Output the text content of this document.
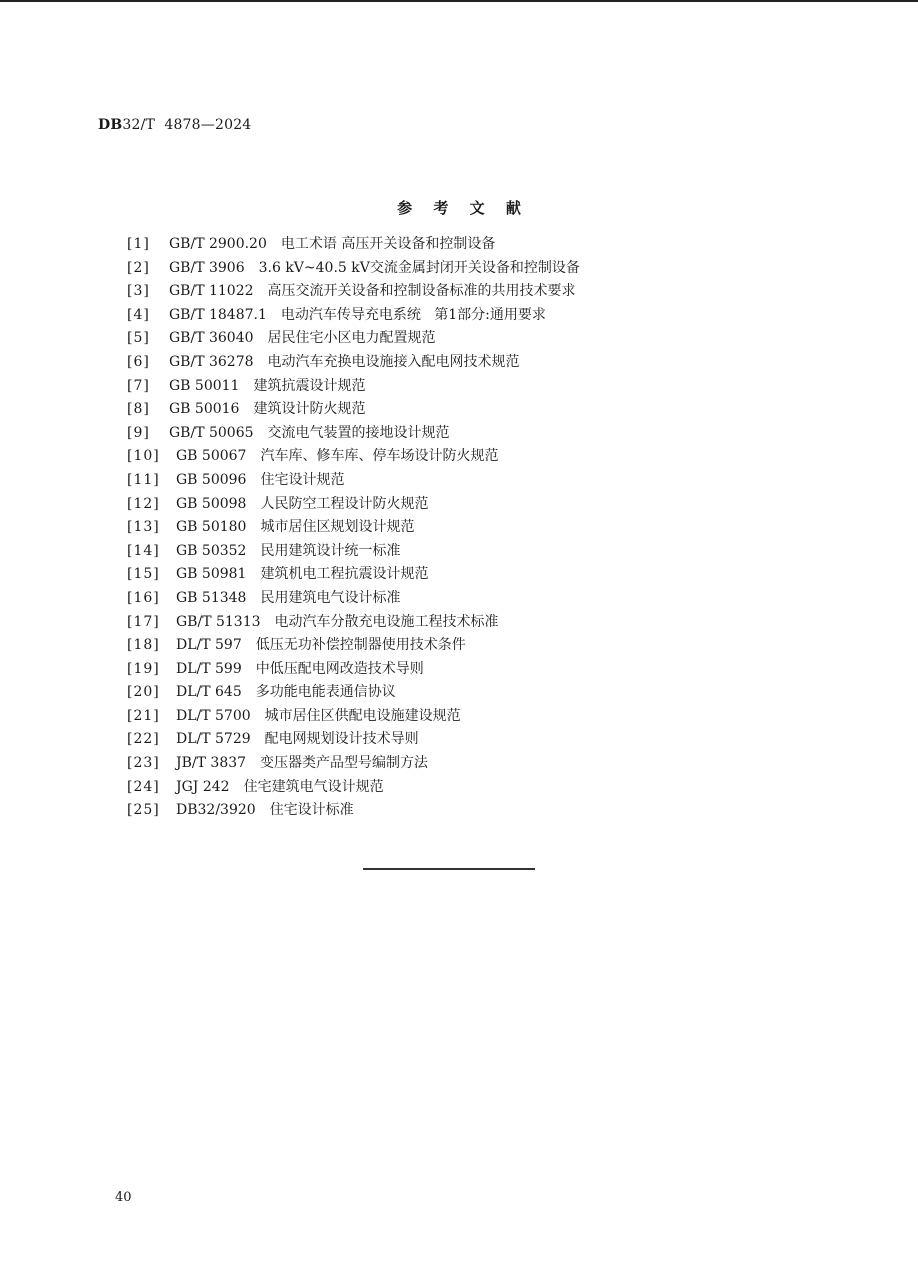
DB32/T  4878—2024
参 考 文 献
[1] GB/T 2900.20 电工术语 高压开关设备和控制设备
[2] GB/T 3906 3.6 kV~40.5 kV交流金属封闭开关设备和控制设备
[3] GB/T 11022 高压交流开关设备和控制设备标准的共用技术要求
[4] GB/T 18487.1 电动汽车传导充电系统   第1部分:通用要求
[5] GB/T 36040 居民住宅小区电力配置规范
[6] GB/T 36278 电动汽车充换电设施接入配电网技术规范
[7] GB 50011 建筑抗震设计规范
[8] GB 50016 建筑设计防火规范
[9] GB/T 50065 交流电气装置的接地设计规范
[10] GB 50067 汽车库、修车库、停车场设计防火规范
[11] GB 50096 住宅设计规范
[12] GB 50098 人民防空工程设计防火规范
[13] GB 50180 城市居住区规划设计规范
[14] GB 50352 民用建筑设计统一标准
[15] GB 50981 建筑机电工程抗震设计规范
[16] GB 51348 民用建筑电气设计标准
[17] GB/T 51313 电动汽车分散充电设施工程技术标准
[18] DL/T 597 低压无功补偿控制器使用技术条件
[19] DL/T 599 中低压配电网改造技术导则
[20] DL/T 645 多功能电能表通信协议
[21] DL/T 5700 城市居住区供配电设施建设规范
[22] DL/T 5729 配电网规划设计技术导则
[23] JB/T 3837 变压器类产品型号编制方法
[24] JGJ 242 住宅建筑电气设计规范
[25] DB32/3920 住宅设计标准
40
